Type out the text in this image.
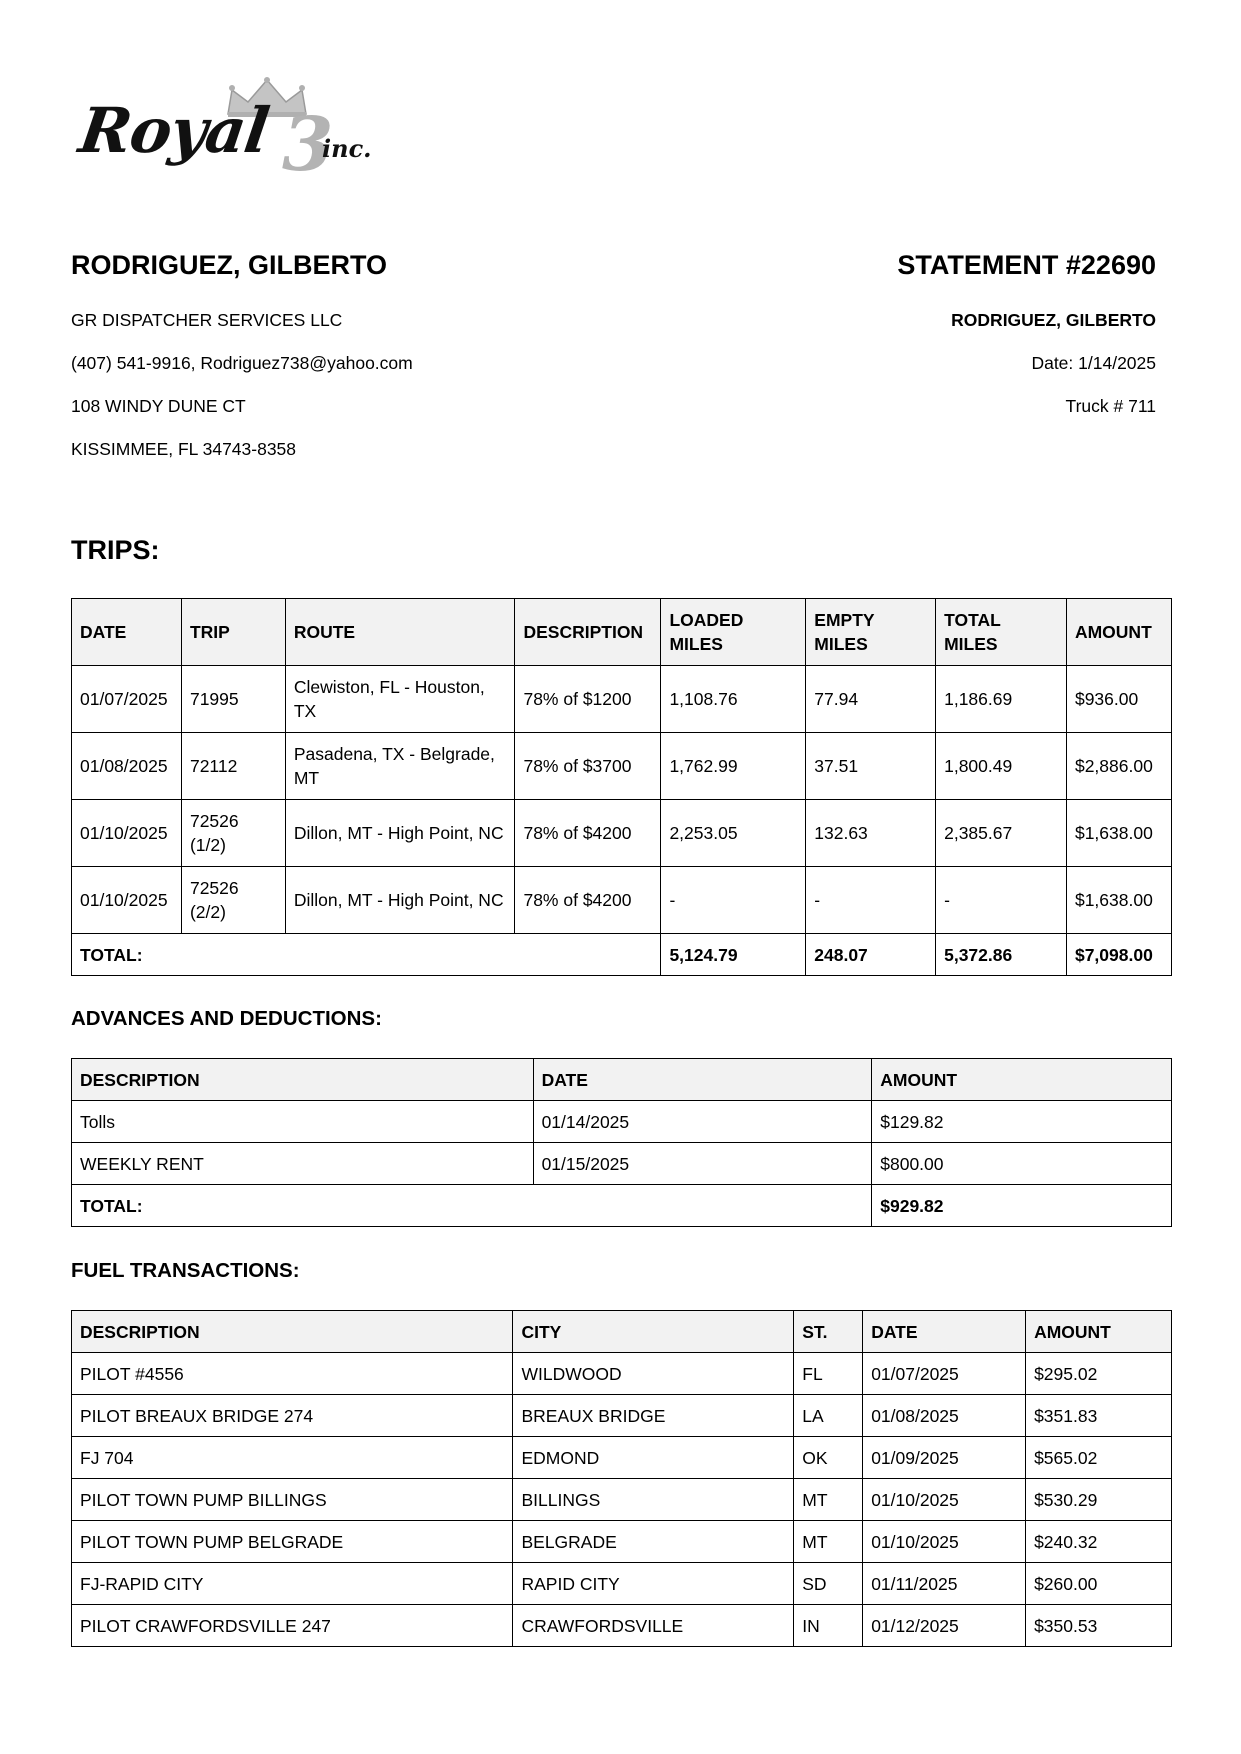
Royal 3
inc.
RODRIGUEZ, GILBERTO
GR DISPATCHER SERVICES LLC
(407) 541-9916, Rodriguez738@yahoo.com
108 WINDY DUNE CT
KISSIMMEE, FL 34743-8358
STATEMENT #22690
RODRIGUEZ, GILBERTO
Date: 1/14/2025
Truck # 711
TRIPS:
DATE	TRIP	ROUTE	DESCRIPTION	LOADED MILES	EMPTY MILES	TOTAL MILES	AMOUNT
01/07/2025	71995	Clewiston, FL - Houston, TX	78% of $1200	1,108.76	77.94	1,186.69	$936.00
01/08/2025	72112	Pasadena, TX - Belgrade, MT	78% of $3700	1,762.99	37.51	1,800.49	$2,886.00
01/10/2025	72526 (1/2)	Dillon, MT - High Point, NC	78% of $4200	2,253.05	132.63	2,385.67	$1,638.00
01/10/2025	72526 (2/2)	Dillon, MT - High Point, NC	78% of $4200	-	-	-	$1,638.00
TOTAL:				5,124.79	248.07	5,372.86	$7,098.00
ADVANCES AND DEDUCTIONS:
DESCRIPTION	DATE	AMOUNT
Tolls	01/14/2025	$129.82
WEEKLY RENT	01/15/2025	$800.00
TOTAL:		$929.82
FUEL TRANSACTIONS:
DESCRIPTION	CITY	ST.	DATE	AMOUNT
PILOT #4556	WILDWOOD	FL	01/07/2025	$295.02
PILOT BREAUX BRIDGE 274	BREAUX BRIDGE	LA	01/08/2025	$351.83
FJ 704	EDMOND	OK	01/09/2025	$565.02
PILOT TOWN PUMP BILLINGS	BILLINGS	MT	01/10/2025	$530.29
PILOT TOWN PUMP BELGRADE	BELGRADE	MT	01/10/2025	$240.32
FJ-RAPID CITY	RAPID CITY	SD	01/11/2025	$260.00
PILOT CRAWFORDSVILLE 247	CRAWFORDSVILLE	IN	01/12/2025	$350.53
